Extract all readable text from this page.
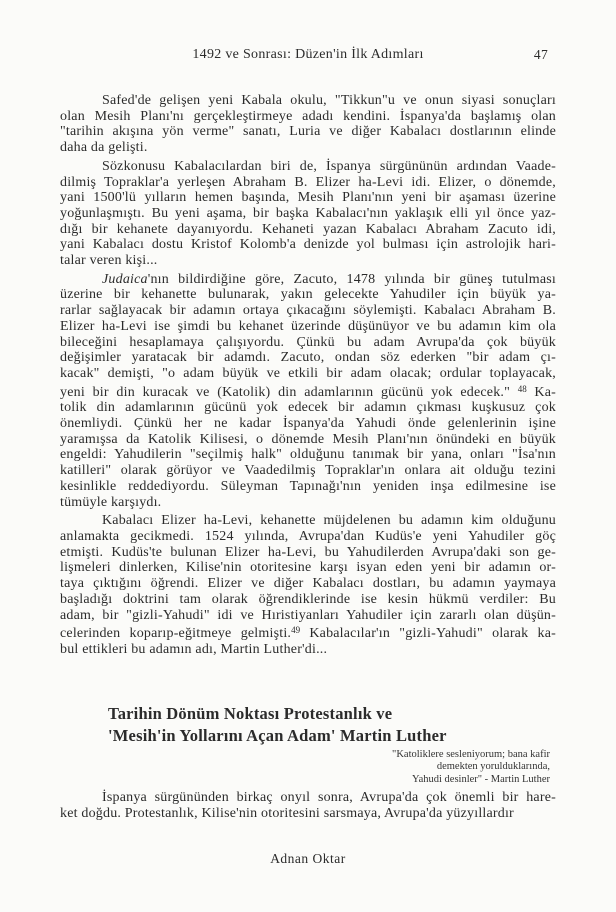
1492 ve Sonrası: Düzen'in İlk Adımları	47
Safed'de gelişen yeni Kabala okulu, "Tikkun"u ve onun siyasi sonuçları
olan Mesih Planı'nı gerçekleştirmeye adadı kendini. İspanya'da başlamış olan
"tarihin akışına yön verme" sanatı, Luria ve diğer Kabalacı dostlarının elinde
daha da gelişti.
Sözkonusu Kabalacılardan biri de, İspanya sürgününün ardından Vaade-
dilmiş Topraklar'a yerleşen Abraham B. Elizer ha-Levi idi. Elizer, o dönemde,
yani 1500'lü yılların hemen başında, Mesih Planı'nın yeni bir aşaması üzerine
yoğunlaşmıştı. Bu yeni aşama, bir başka Kabalacı'nın yaklaşık elli yıl önce yaz-
dığı bir kehanete dayanıyordu. Kehaneti yazan Kabalacı Abraham Zacuto idi,
yani Kabalacı dostu Kristof Kolomb'a denizde yol bulması için astrolojik hari-
talar veren kişi...
Judaica'nın bildirdiğine göre, Zacuto, 1478 yılında bir güneş tutulması
üzerine bir kehanette bulunarak, yakın gelecekte Yahudiler için büyük ya-
rarlar sağlayacak bir adamın ortaya çıkacağını söylemişti. Kabalacı Abraham B.
Elizer ha-Levi ise şimdi bu kehanet üzerinde düşünüyor ve bu adamın kim ola
bileceğini hesaplamaya çalışıyordu. Çünkü bu adam Avrupa'da çok büyük
değişimler yaratacak bir adamdı. Zacuto, ondan söz ederken "bir adam çı-
kacak" demişti, "o adam büyük ve etkili bir adam olacak; ordular toplayacak,
yeni bir din kuracak ve (Katolik) din adamlarının gücünü yok edecek." $^{48}$ Ka-
tolik din adamlarının gücünü yok edecek bir adamın çıkması kuşkusuz çok
önemliydi. Çünkü her ne kadar İspanya'da Yahudi önde gelenlerinin işine
yaramışsa da Katolik Kilisesi, o dönemde Mesih Planı'nın önündeki en büyük
engeldi: Yahudilerin "seçilmiş halk" olduğunu tanımak bir yana, onları "İsa'nın
katilleri" olarak görüyor ve Vaadedilmiş Topraklar'ın onlara ait olduğu tezini
kesinlikle reddediyordu. Süleyman Tapınağı'nın yeniden inşa edilmesine ise
tümüyle karşıydı.
Kabalacı Elizer ha-Levi, kehanette müjdelenen bu adamın kim olduğunu
anlamakta gecikmedi. 1524 yılında, Avrupa'dan Kudüs'e yeni Yahudiler göç
etmişti. Kudüs'te bulunan Elizer ha-Levi, bu Yahudilerden Avrupa'daki son ge-
lişmeleri dinlerken, Kilise'nin otoritesine karşı isyan eden yeni bir adamın or-
taya çıktığını öğrendi. Elizer ve diğer Kabalacı dostları, bu adamın yaymaya
başladığı doktrini tam olarak öğrendiklerinde ise kesin hükmü verdiler: Bu
adam, bir "gizli-Yahudi" idi ve Hıristiyanları Yahudiler için zararlı olan düşün-
celerinden koparıp-eğitmeye gelmişti.$^{49}$ Kabalacılar'ın "gizli-Yahudi" olarak ka-
bul ettikleri bu adamın adı, Martin Luther'di...
Tarihin Dönüm Noktası Protestanlık ve
'Mesih'in Yollarını Açan Adam' Martin Luther
"Katoliklere sesleniyorum; bana kafir
demekten yorulduklarında,
Yahudi desinler" - Martin Luther
İspanya sürgününden birkaç onyıl sonra, Avrupa'da çok önemli bir hare-
ket doğdu. Protestanlık, Kilise'nin otoritesini sarsmaya, Avrupa'da yüzyıllardır
Adnan Oktar
